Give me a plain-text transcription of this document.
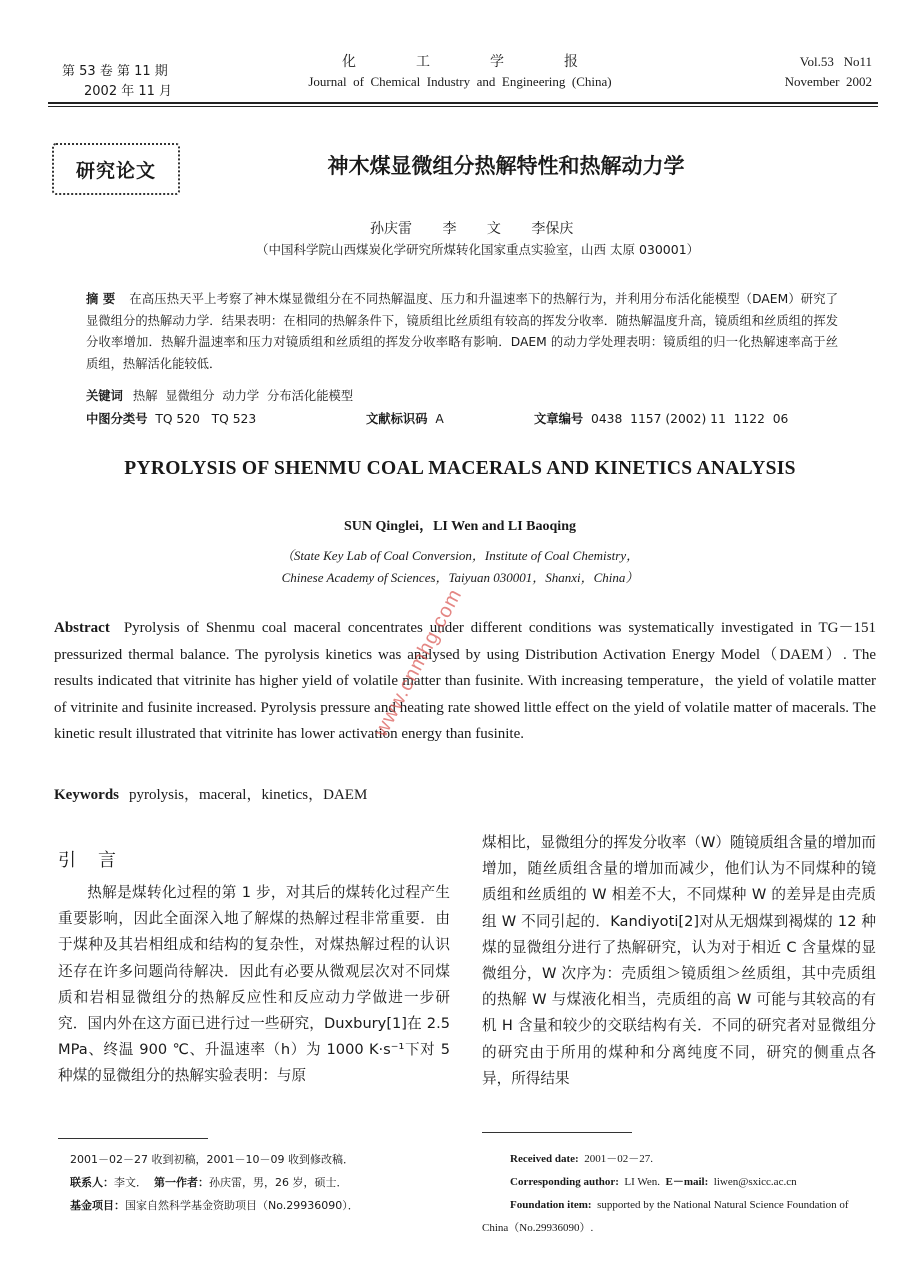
第 53 卷 第 11 期
2002 年 11 月
化工学报
Journal  of  Chemical  Industry  and  Engineering  (China)
Vol.53   No11
November  2002
研究论文	神木煤显微组分热解特性和热解动力学
孙庆雷 李 文 李保庆
（中国科学院山西煤炭化学研究所煤转化国家重点实验室，山西 太原 030001）
摘 要 在高压热天平上考察了神木煤显微组分在不同热解温度、压力和升温速率下的热解行为，并利用分布活化能模型（DAEM）研究了显微组分的热解动力学．结果表明：在相同的热解条件下，镜质组比丝质组有较高的挥发分收率．随热解温度升高，镜质组和丝质组的挥发分收率增加．热解升温速率和压力对镜质组和丝质组的挥发分收率略有影响．DAEM 的动力学处理表明：镜质组的归一化热解速率高于丝质组，热解活化能较低．
关键词 热解  显微组分  动力学  分布活化能模型
中图分类号 TQ 520   TQ 523	文献标识码 A	文章编号 0438  1157 (2002) 11  1122  06
PYROLYSIS OF SHENMU COAL MACERALS AND KINETICS ANALYSIS
SUN Qinglei，LI Wen and LI Baoqing
（State Key Lab of Coal Conversion，Institute of Coal Chemistry，
Chinese Academy of Sciences，Taiyuan 030001，Shanxi，China）
Abstract Pyrolysis of Shenmu coal maceral concentrates under different conditions was systematically investigated in TG－151 pressurized thermal balance. The pyrolysis kinetics was analysed by using Distribution Activation Energy Model（DAEM）. The results indicated that vitrinite has higher yield of volatile matter than fusinite. With increasing temperature，the yield of volatile matter of vitrinite and fusinite increased. Pyrolysis pressure and heating rate showed little effect on the yield of volatile matter of macerals. The kinetic result illustrated that vitrinite has lower activation energy than fusinite.
Keywords pyrolysis，maceral，kinetics，DAEM
引言

热解是煤转化过程的第 1 步，对其后的煤转化过程产生重要影响，因此全面深入地了解煤的热解过程非常重要．由于煤种及其岩相组成和结构的复杂性，对煤热解过程的认识还存在许多问题尚待解决．因此有必要从微观层次对不同煤质和岩相显微组分的热解反应性和反应动力学做进一步研究．国内外在这方面已进行过一些研究，Duxbury[1]在 2.5 MPa、终温 900 ℃、升温速率（h）为 1000 K·s⁻¹下对 5 种煤的显微组分的热解实验表明：与原

煤相比，显微组分的挥发分收率（W）随镜质组含量的增加而增加，随丝质组含量的增加而减少，他们认为不同煤种的镜质组和丝质组的 W 相差不大，不同煤种 W 的差异是由壳质组 W 不同引起的．Kandiyoti[2]对从无烟煤到褐煤的 12 种煤的显微组分进行了热解研究，认为对于相近 C 含量煤的显微组分，W 次序为：壳质组＞镜质组＞丝质组，其中壳质组的热解 W 与煤液化相当，壳质组的高 W 可能与其较高的有机 H 含量和较少的交联结构有关．不同的研究者对显微组分的研究由于所用的煤种和分离纯度不同，研究的侧重点各异，所得结果

2001－02－27 收到初稿，2001－10－09 收到修改稿．
联系人：李文． 第一作者：孙庆雷，男，26 岁，硕士．
基金项目：国家自然科学基金资助项目（No.29936090）．
Received date: 2001－02－27.
Corresponding author: LI Wen. E－mail: liwen@sxicc.ac.cn
Foundation item: supported by the National Natural Science Foundation of China（No.29936090）.
www.cnmhg.com
